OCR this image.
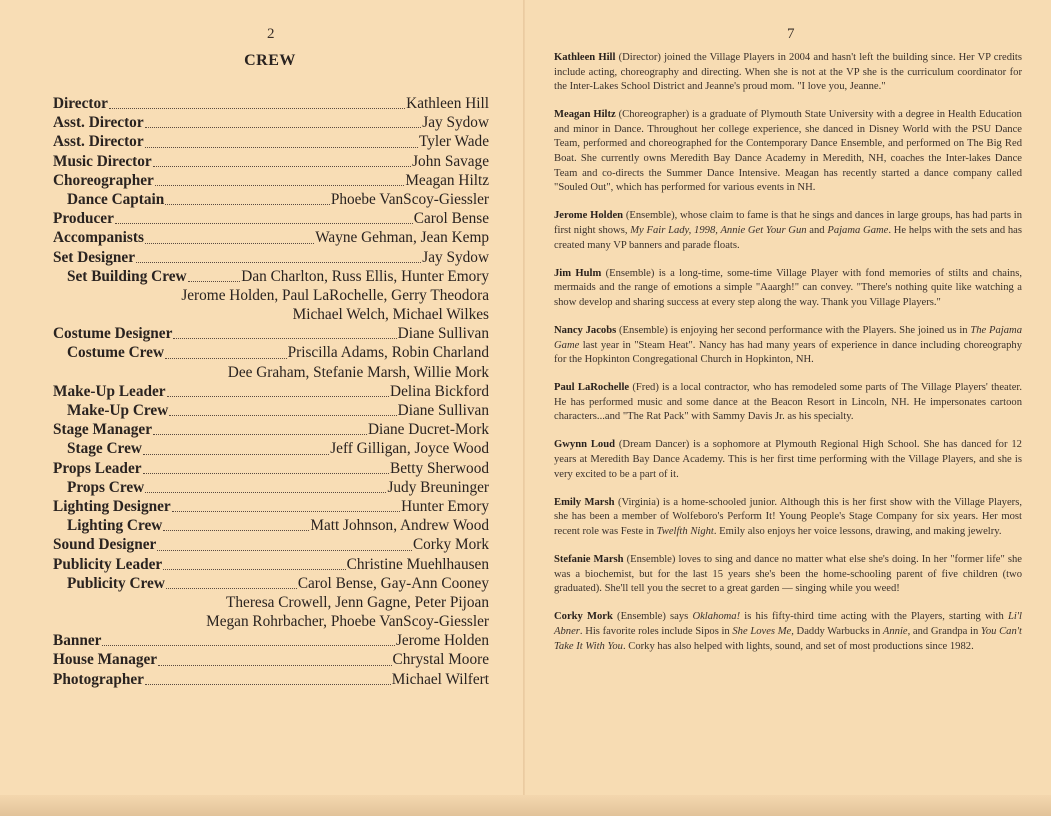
2
CREW
Director	Kathleen Hill
Asst. Director	Jay Sydow
Asst. Director	Tyler Wade
Music Director	John Savage
Choreographer	Meagan Hiltz
Dance Captain	Phoebe VanScoy-Giessler
Producer	Carol Bense
Accompanists	Wayne Gehman, Jean Kemp
Set Designer	Jay Sydow
Set Building Crew	Dan Charlton, Russ Ellis, Hunter Emory
Jerome Holden, Paul LaRochelle, Gerry Theodora
Michael Welch, Michael Wilkes
Costume Designer	Diane Sullivan
Costume Crew	Priscilla Adams, Robin Charland
Dee Graham, Stefanie Marsh, Willie Mork
Make-Up Leader	Delina Bickford
Make-Up Crew	Diane Sullivan
Stage Manager	Diane Ducret-Mork
Stage Crew	Jeff Gilligan, Joyce Wood
Props Leader	Betty Sherwood
Props Crew	Judy Breuninger
Lighting Designer	Hunter Emory
Lighting Crew	Matt Johnson, Andrew Wood
Sound Designer	Corky Mork
Publicity Leader	Christine Muehlhausen
Publicity Crew	Carol Bense, Gay-Ann Cooney
Theresa Crowell, Jenn Gagne, Peter Pijoan
Megan Rohrbacher, Phoebe VanScoy-Giessler
Banner	Jerome Holden
House Manager	Chrystal Moore
Photographer	Michael Wilfert
7

Kathleen Hill (Director) joined the Village Players in 2004 and hasn't left the building since. Her VP credits include acting, choreography and directing. When she is not at the VP she is the curriculum coordinator for the Inter-Lakes School District and Jeanne's proud mom. "I love you, Jeanne."

Meagan Hiltz (Choreographer) is a graduate of Plymouth State University with a degree in Health Education and minor in Dance. Throughout her college experience, she danced in Disney World with the PSU Dance Team, performed and choreographed for the Contemporary Dance Ensemble, and performed on The Big Red Boat. She currently owns Meredith Bay Dance Academy in Meredith, NH, coaches the Inter-lakes Dance Team and co-directs the Summer Dance Intensive. Meagan has recently started a dance company called "Souled Out", which has performed for various events in NH.

Jerome Holden (Ensemble), whose claim to fame is that he sings and dances in large groups, has had parts in first night shows, My Fair Lady, 1998, Annie Get Your Gun and Pajama Game. He helps with the sets and has created many VP banners and parade floats.

Jim Hulm (Ensemble) is a long-time, some-time Village Player with fond memories of stilts and chains, mermaids and the range of emotions a simple "Aaargh!" can convey. "There's nothing quite like watching a show develop and sharing success at every step along the way. Thank you Village Players."

Nancy Jacobs (Ensemble) is enjoying her second performance with the Players. She joined us in The Pajama Game last year in "Steam Heat". Nancy has had many years of experience in dance including choreography for the Hopkinton Congregational Church in Hopkinton, NH.

Paul LaRochelle (Fred) is a local contractor, who has remodeled some parts of The Village Players' theater. He has performed music and some dance at the Beacon Resort in Lincoln, NH. He impersonates cartoon characters...and "The Rat Pack" with Sammy Davis Jr. as his specialty.

Gwynn Loud (Dream Dancer) is a sophomore at Plymouth Regional High School. She has danced for 12 years at Meredith Bay Dance Academy. This is her first time performing with the Village Players, and she is very excited to be a part of it.

Emily Marsh (Virginia) is a home-schooled junior. Although this is her first show with the Village Players, she has been a member of Wolfeboro's Perform It! Young People's Stage Company for six years. Her most recent role was Feste in Twelfth Night. Emily also enjoys her voice lessons, drawing, and making jewelry.

Stefanie Marsh (Ensemble) loves to sing and dance no matter what else she's doing. In her "former life" she was a biochemist, but for the last 15 years she's been the home-schooling parent of five children (two graduated). She'll tell you the secret to a great garden — singing while you weed!

Corky Mork (Ensemble) says Oklahoma! is his fifty-third time acting with the Players, starting with Li'l Abner. His favorite roles include Sipos in She Loves Me, Daddy Warbucks in Annie, and Grandpa in You Can't Take It With You. Corky has also helped with lights, sound, and set of most productions since 1982.
